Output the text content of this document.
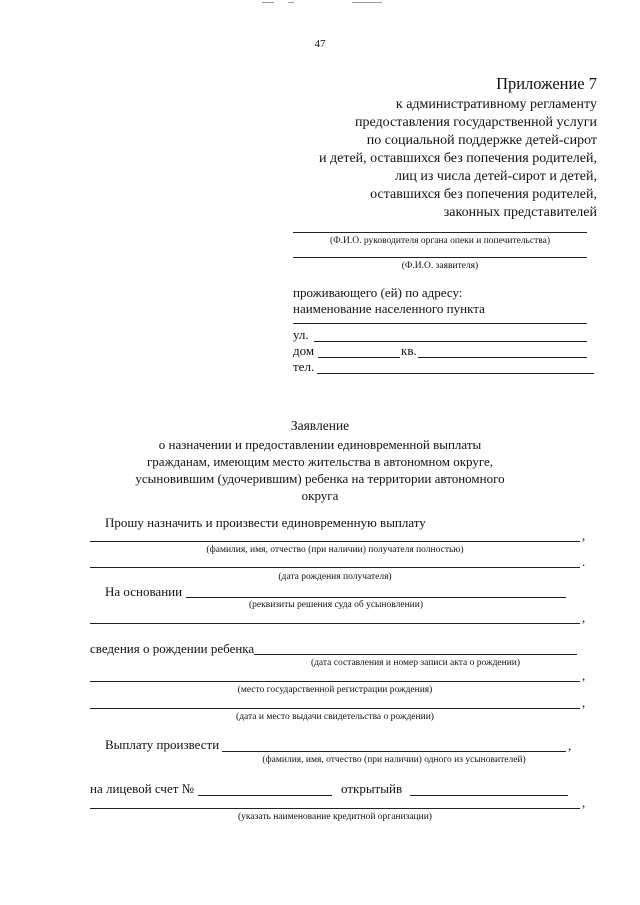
47
Приложение 7
к административному регламенту
предоставления государственной услуги
по социальной поддержке детей-сирот
и детей, оставшихся без попечения родителей,
лиц из числа детей-сирот и детей,
оставшихся без попечения родителей,
законных представителей
(Ф.И.О. руководителя органа опеки и попечительства)
(Ф.И.О. заявителя)
проживающего (ей) по адресу:
наименование населенного пункта
ул.
дом	кв.
тел.
Заявление
о назначении и предоставлении единовременной выплаты
гражданам, имеющим место жительства в автономном округе,
усыновившим (удочерившим) ребенка на территории автономного
округа
Прошу назначить и произвести единовременную выплату
,
(фамилия, имя, отчество (при наличии) получателя полностью)
.
(дата рождения получателя)
На основании
(реквизиты решения суда об усыновлении)
,
сведения о рождении ребенка
(дата составления и номер записи акта о рождении)
,
(место государственной регистрации рождения)
,
(дата и место выдачи свидетельства о рождении)
Выплату произвести	,
(фамилия, имя, отчество (при наличии) одного из усыновителей)
на лицевой счет №	открытый в
,
(указать наименование кредитной организации)
